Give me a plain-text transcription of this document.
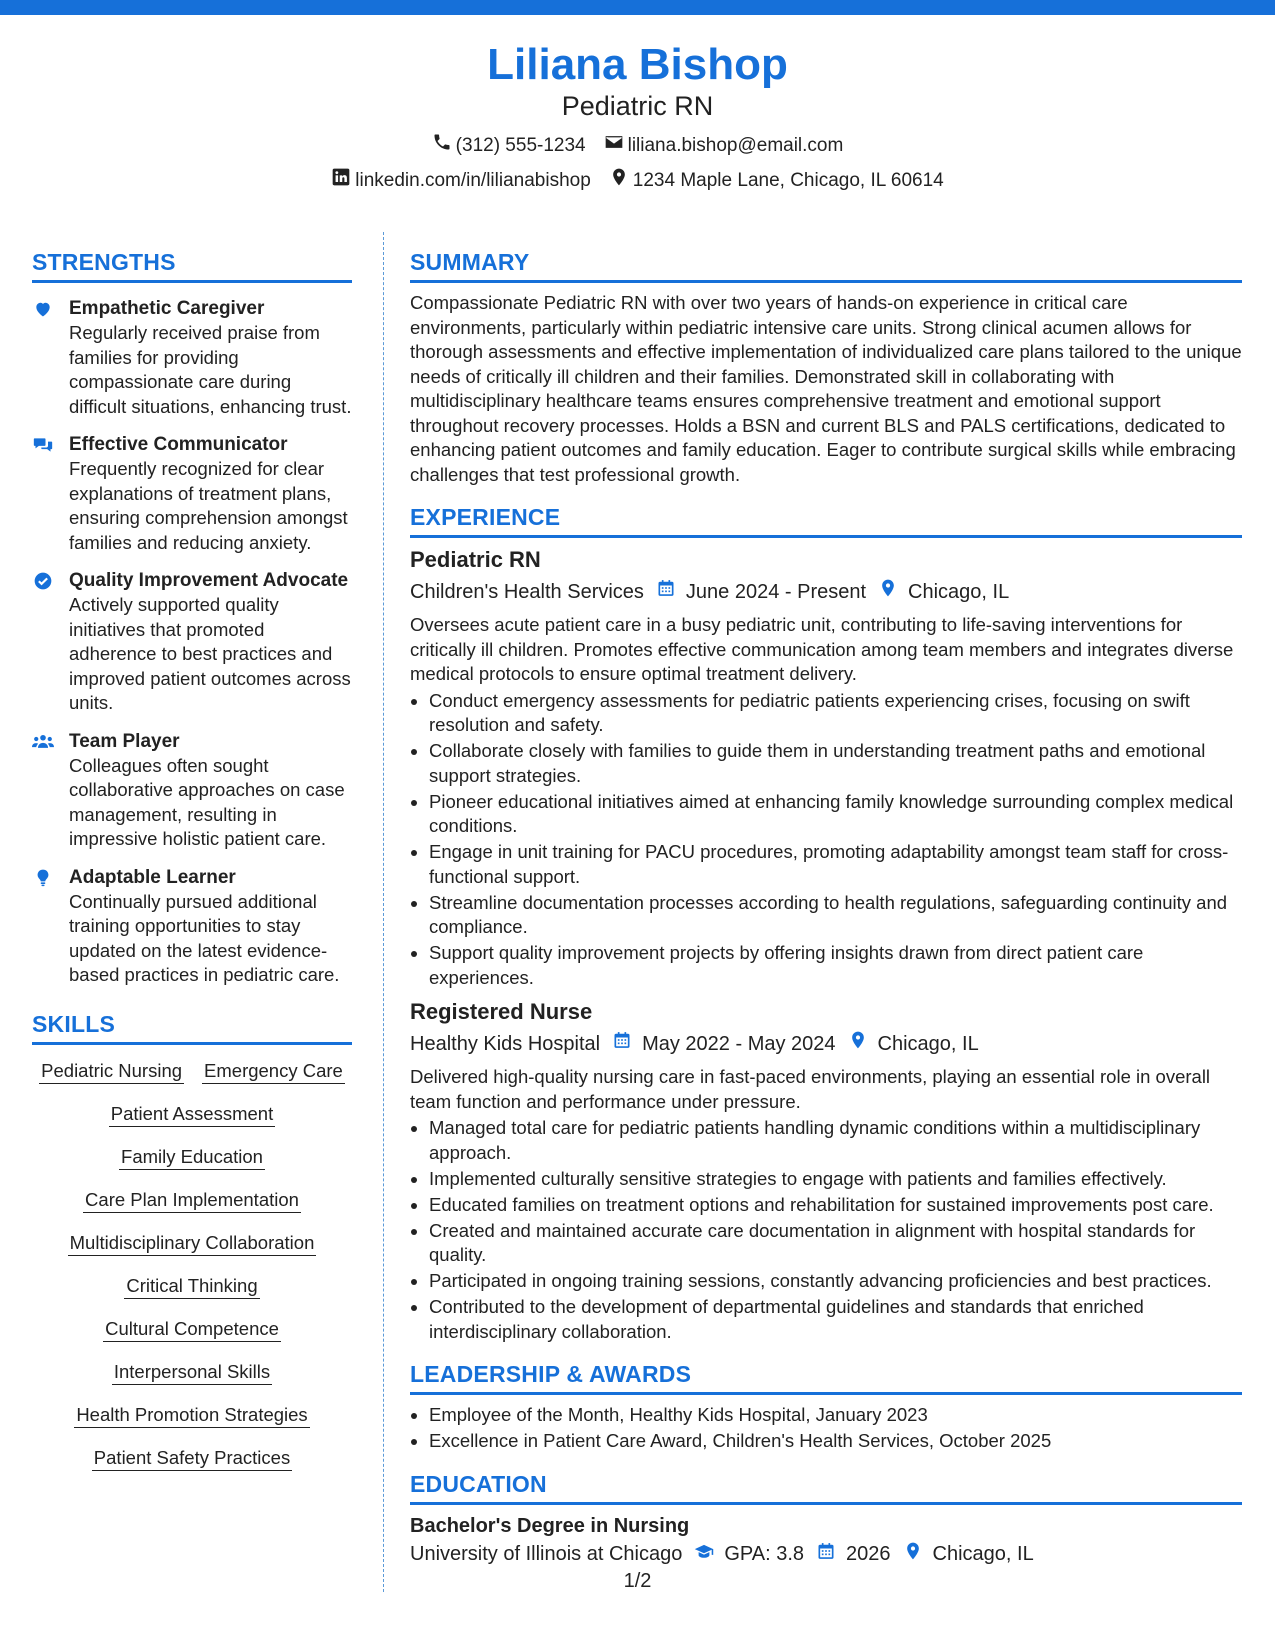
Liliana Bishop
Pediatric RN
(312) 555-1234 liliana.bishop@email.com
linkedin.com/in/lilianabishop 1234 Maple Lane, Chicago, IL 60614
STRENGTHS
Empathetic Caregiver
Regularly received praise from families for providing compassionate care during difficult situations, enhancing trust.
Effective Communicator
Frequently recognized for clear explanations of treatment plans, ensuring comprehension amongst families and reducing anxiety.
Quality Improvement Advocate
Actively supported quality initiatives that promoted adherence to best practices and improved patient outcomes across units.
Team Player
Colleagues often sought collaborative approaches on case management, resulting in impressive holistic patient care.
Adaptable Learner
Continually pursued additional training opportunities to stay updated on the latest evidence-based practices in pediatric care.
SKILLS
Pediatric Nursing Emergency Care
Patient Assessment
Family Education
Care Plan Implementation
Multidisciplinary Collaboration
Critical Thinking
Cultural Competence
Interpersonal Skills
Health Promotion Strategies
Patient Safety Practices
SUMMARY
Compassionate Pediatric RN with over two years of hands-on experience in critical care environments, particularly within pediatric intensive care units. Strong clinical acumen allows for thorough assessments and effective implementation of individualized care plans tailored to the unique needs of critically ill children and their families. Demonstrated skill in collaborating with multidisciplinary healthcare teams ensures comprehensive treatment and emotional support throughout recovery processes. Holds a BSN and current BLS and PALS certifications, dedicated to enhancing patient outcomes and family education. Eager to contribute surgical skills while embracing challenges that test professional growth.
EXPERIENCE
Pediatric RN
Children's Health Services June 2024 - Present Chicago, IL
Oversees acute patient care in a busy pediatric unit, contributing to life-saving interventions for critically ill children. Promotes effective communication among team members and integrates diverse medical protocols to ensure optimal treatment delivery.
• Conduct emergency assessments for pediatric patients experiencing crises, focusing on swift resolution and safety.
• Collaborate closely with families to guide them in understanding treatment paths and emotional support strategies.
• Pioneer educational initiatives aimed at enhancing family knowledge surrounding complex medical conditions.
• Engage in unit training for PACU procedures, promoting adaptability amongst team staff for cross-functional support.
• Streamline documentation processes according to health regulations, safeguarding continuity and compliance.
• Support quality improvement projects by offering insights drawn from direct patient care experiences.
Registered Nurse
Healthy Kids Hospital May 2022 - May 2024 Chicago, IL
Delivered high-quality nursing care in fast-paced environments, playing an essential role in overall team function and performance under pressure.
• Managed total care for pediatric patients handling dynamic conditions within a multidisciplinary approach.
• Implemented culturally sensitive strategies to engage with patients and families effectively.
• Educated families on treatment options and rehabilitation for sustained improvements post care.
• Created and maintained accurate care documentation in alignment with hospital standards for quality.
• Participated in ongoing training sessions, constantly advancing proficiencies and best practices.
• Contributed to the development of departmental guidelines and standards that enriched interdisciplinary collaboration.
LEADERSHIP & AWARDS
• Employee of the Month, Healthy Kids Hospital, January 2023
• Excellence in Patient Care Award, Children's Health Services, October 2025
EDUCATION
Bachelor's Degree in Nursing
University of Illinois at Chicago GPA: 3.8 2026 Chicago, IL
1/2
